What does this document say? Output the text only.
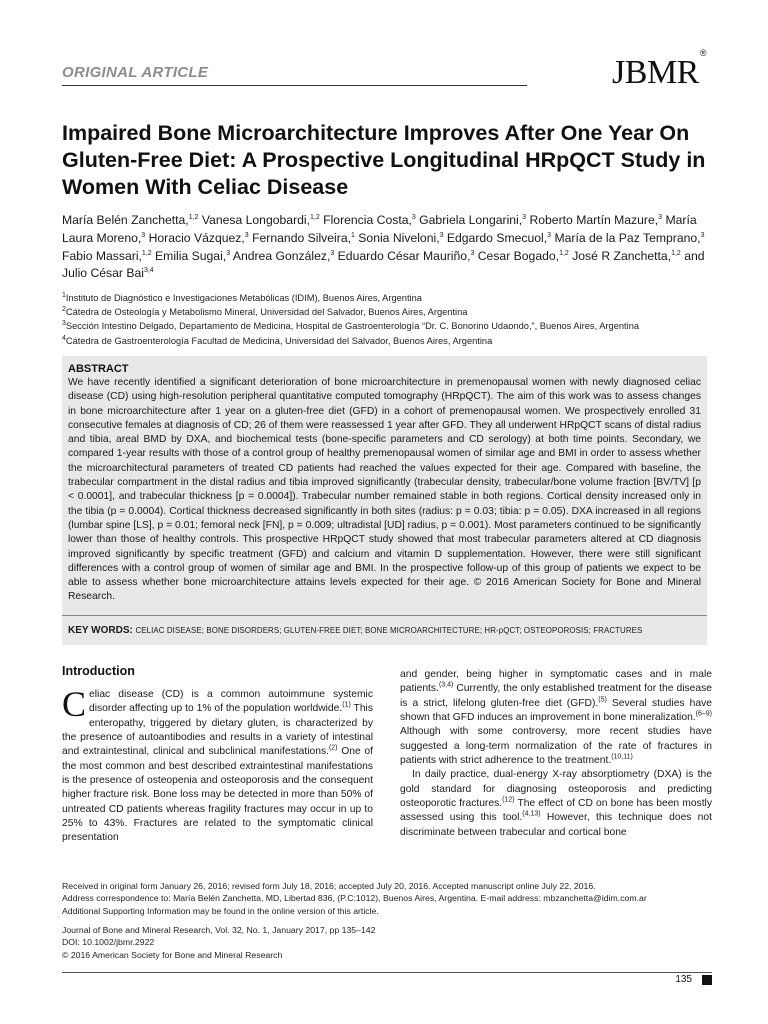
ORIGINAL ARTICLE	JBMR®
Impaired Bone Microarchitecture Improves After One Year On Gluten-Free Diet: A Prospective Longitudinal HRpQCT Study in Women With Celiac Disease
María Belén Zanchetta,$^{1,2}$ Vanesa Longobardi,$^{1,2}$ Florencia Costa,$^3$ Gabriela Longarini,$^3$ Roberto Martín Mazure,$^3$ María Laura Moreno,$^3$ Horacio Vázquez,$^3$ Fernando Silveira,$^1$ Sonia Niveloni,$^3$ Edgardo Smecuol,$^3$ María de la Paz Temprano,$^3$ Fabio Massari,$^{1,2}$ Emilia Sugai,$^3$ Andrea González,$^3$ Eduardo César Mauriño,$^3$ Cesar Bogado,$^{1,2}$ José R Zanchetta,$^{1,2}$ and Julio César Bai$^{3,4}$
$^1$Instituto de Diagnóstico e Investigaciones Metabólicas (IDIM), Buenos Aires, Argentina
$^2$Cátedra de Osteología y Metabolismo Mineral, Universidad del Salvador, Buenos Aires, Argentina
$^3$Sección Intestino Delgado, Departamento de Medicina, Hospital de Gastroenterología “Dr. C. Bonorino Udaondo,”, Buenos Aires, Argentina
$^4$Cátedra de Gastroenterología Facultad de Medicina, Universidad del Salvador, Buenos Aires, Argentina
ABSTRACT

We have recently identified a significant deterioration of bone microarchitecture in premenopausal women with newly diagnosed celiac disease (CD) using high-resolution peripheral quantitative computed tomography (HRpQCT). The aim of this work was to assess changes in bone microarchitecture after 1 year on a gluten-free diet (GFD) in a cohort of premenopausal women. We prospectively enrolled 31 consecutive females at diagnosis of CD; 26 of them were reassessed 1 year after GFD. They all underwent HRpQCT scans of distal radius and tibia, areal BMD by DXA, and biochemical tests (bone-specific parameters and CD serology) at both time points. Secondary, we compared 1-year results with those of a control group of healthy premenopausal women of similar age and BMI in order to assess whether the microarchitectural parameters of treated CD patients had reached the values expected for their age. Compared with baseline, the trabecular compartment in the distal radius and tibia improved significantly (trabecular density, trabecular/bone volume fraction [BV/TV] [p < 0.0001], and trabecular thickness [p = 0.0004]). Trabecular number remained stable in both regions. Cortical density increased only in the tibia (p = 0.0004). Cortical thickness decreased significantly in both sites (radius: p = 0.03; tibia: p = 0.05). DXA increased in all regions (lumbar spine [LS], p = 0.01; femoral neck [FN], p = 0.009; ultradistal [UD] radius, p = 0.001). Most parameters continued to be significantly lower than those of healthy controls. This prospective HRpQCT study showed that most trabecular parameters altered at CD diagnosis improved significantly by specific treatment (GFD) and calcium and vitamin D supplementation. However, there were still significant differences with a control group of women of similar age and BMI. In the prospective follow-up of this group of patients we expect to be able to assess whether bone microarchitecture attains levels expected for their age. © 2016 American Society for Bone and Mineral Research.

KEY WORDS: CELIAC DISEASE; BONE DISORDERS; GLUTEN-FREE DIET; BONE MICROARCHITECTURE; HR-pQCT; OSTEOPOROSIS; FRACTURES
Introduction

Celiac disease (CD) is a common autoimmune systemic disorder affecting up to 1% of the population worldwide.$^{(1)}$ This enteropathy, triggered by dietary gluten, is characterized by the presence of autoantibodies and results in a variety of intestinal and extraintestinal, clinical and subclinical manifestations.$^{(2)}$ One of the most common and best described extraintestinal manifestations is the presence of osteopenia and osteoporosis and the consequent higher fracture risk. Bone loss may be detected in more than 50% of untreated CD patients whereas fragility fractures may occur in up to 25% to 43%. Fractures are related to the symptomatic clinical presentation

and gender, being higher in symptomatic cases and in male patients.$^{(3,4)}$ Currently, the only established treatment for the disease is a strict, lifelong gluten-free diet (GFD).$^{(5)}$ Several studies have shown that GFD induces an improvement in bone mineralization.$^{(6-9)}$ Although with some controversy, more recent studies have suggested a long-term normalization of the rate of fractures in patients with strict adherence to the treatment.$^{(10,11)}$

In daily practice, dual-energy X-ray absorptiometry (DXA) is the gold standard for diagnosing osteoporosis and predicting osteoporotic fractures.$^{(12)}$ The effect of CD on bone has been mostly assessed using this tool.$^{(4,13)}$ However, this technique does not discriminate between trabecular and cortical bone

Received in original form January 26, 2016; revised form July 18, 2016; accepted July 20, 2016. Accepted manuscript online July 22, 2016.
Address correspondence to: María Belén Zanchetta, MD, Libertad 836, (P.C:1012), Buenos Aires, Argentina. E-mail address: mbzanchetta@idim.com.ar
Additional Supporting Information may be found in the online version of this article.
Journal of Bone and Mineral Research, Vol. 32, No. 1, January 2017, pp 135–142
DOI: 10.1002/jbmr.2922
© 2016 American Society for Bone and Mineral Research
135
